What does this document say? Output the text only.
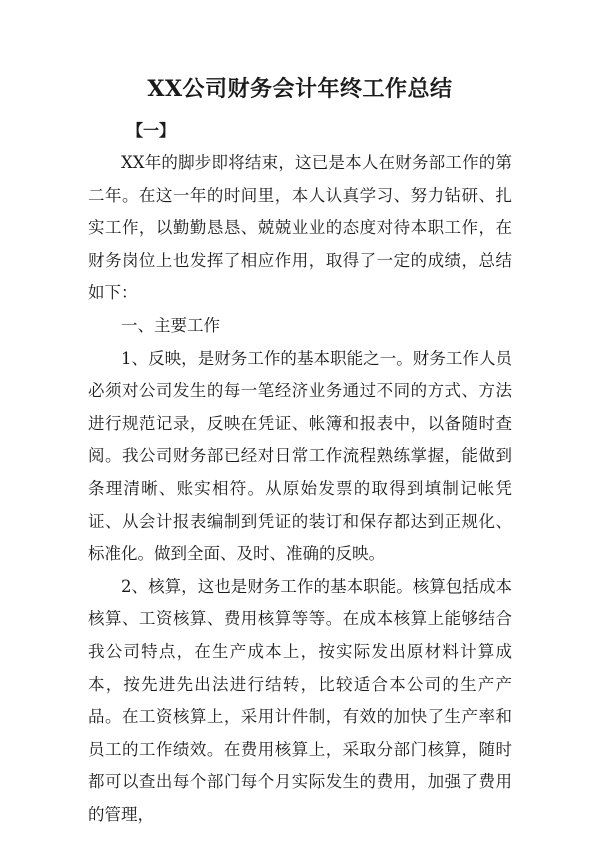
XX公司财务会计年终工作总结
【一】

XX年的脚步即将结束，这已是本人在财务部工作的第二年。在这一年的时间里，本人认真学习、努力钻研、扎实工作，以勤勤恳恳、兢兢业业的态度对待本职工作，在财务岗位上也发挥了相应作用，取得了一定的成绩，总结如下：

一、主要工作

1、反映，是财务工作的基本职能之一。财务工作人员必须对公司发生的每一笔经济业务通过不同的方式、方法进行规范记录，反映在凭证、帐簿和报表中，以备随时查阅。我公司财务部已经对日常工作流程熟练掌握，能做到条理清晰、账实相符。从原始发票的取得到填制记帐凭证、从会计报表编制到凭证的装订和保存都达到正规化、标准化。做到全面、及时、准确的反映。

2、核算，这也是财务工作的基本职能。核算包括成本核算、工资核算、费用核算等等。在成本核算上能够结合我公司特点，在生产成本上，按实际发出原材料计算成本，按先进先出法进行结转，比较适合本公司的生产产品。在工资核算上，采用计件制，有效的加快了生产率和员工的工作绩效。在费用核算上，采取分部门核算，随时都可以查出每个部门每个月实际发生的费用，加强了费用的管理，
